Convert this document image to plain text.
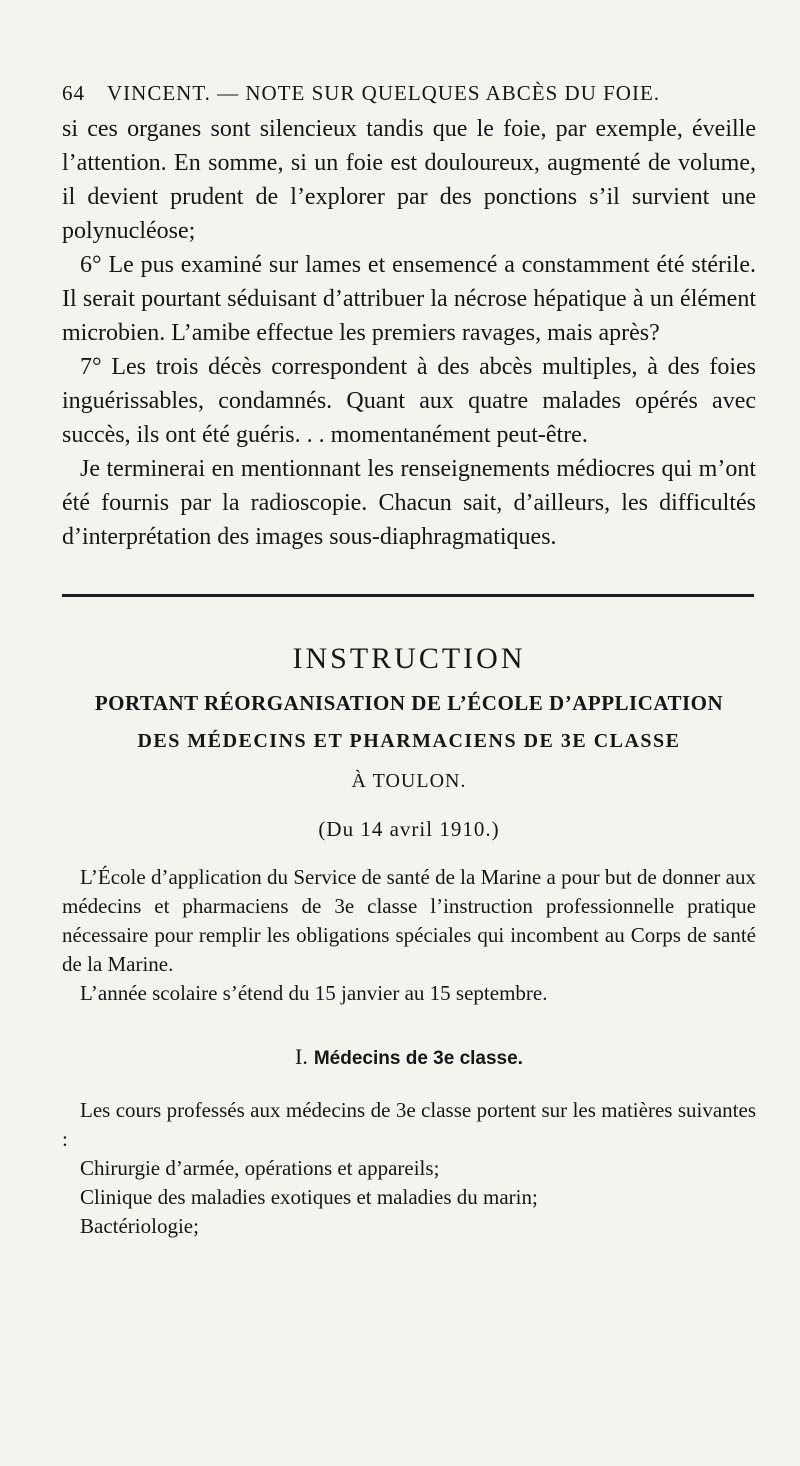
64 VINCENT. — NOTE SUR QUELQUES ABCÈS DU FOIE.

si ces organes sont silencieux tandis que le foie, par exemple, éveille l’attention. En somme, si un foie est douloureux, augmenté de volume, il devient prudent de l’explorer par des ponctions s’il survient une polynucléose;

6° Le pus examiné sur lames et ensemencé a constamment été stérile. Il serait pourtant séduisant d’attribuer la nécrose hépatique à un élément microbien. L’amibe effectue les premiers ravages, mais après?

7° Les trois décès correspondent à des abcès multiples, à des foies inguérissables, condamnés. Quant aux quatre malades opérés avec succès, ils ont été guéris. . . momentanément peut-être.

Je terminerai en mentionnant les renseignements médiocres qui m’ont été fournis par la radioscopie. Chacun sait, d’ailleurs, les difficultés d’interprétation des images sous-diaphragmatiques.

INSTRUCTION
PORTANT RÉORGANISATION DE L’ÉCOLE D’APPLICATION
DES MÉDECINS ET PHARMACIENS DE 3E CLASSE
À TOULON.
(Du 14 avril 1910.)

L’École d’application du Service de santé de la Marine a pour but de donner aux médecins et pharmaciens de 3e classe l’instruction professionnelle pratique nécessaire pour remplir les obligations spéciales qui incombent au Corps de santé de la Marine.

L’année scolaire s’étend du 15 janvier au 15 septembre.

I. Médecins de 3e classe.

Les cours professés aux médecins de 3e classe portent sur les matières suivantes :

Chirurgie d’armée, opérations et appareils;

Clinique des maladies exotiques et maladies du marin;

Bactériologie;
